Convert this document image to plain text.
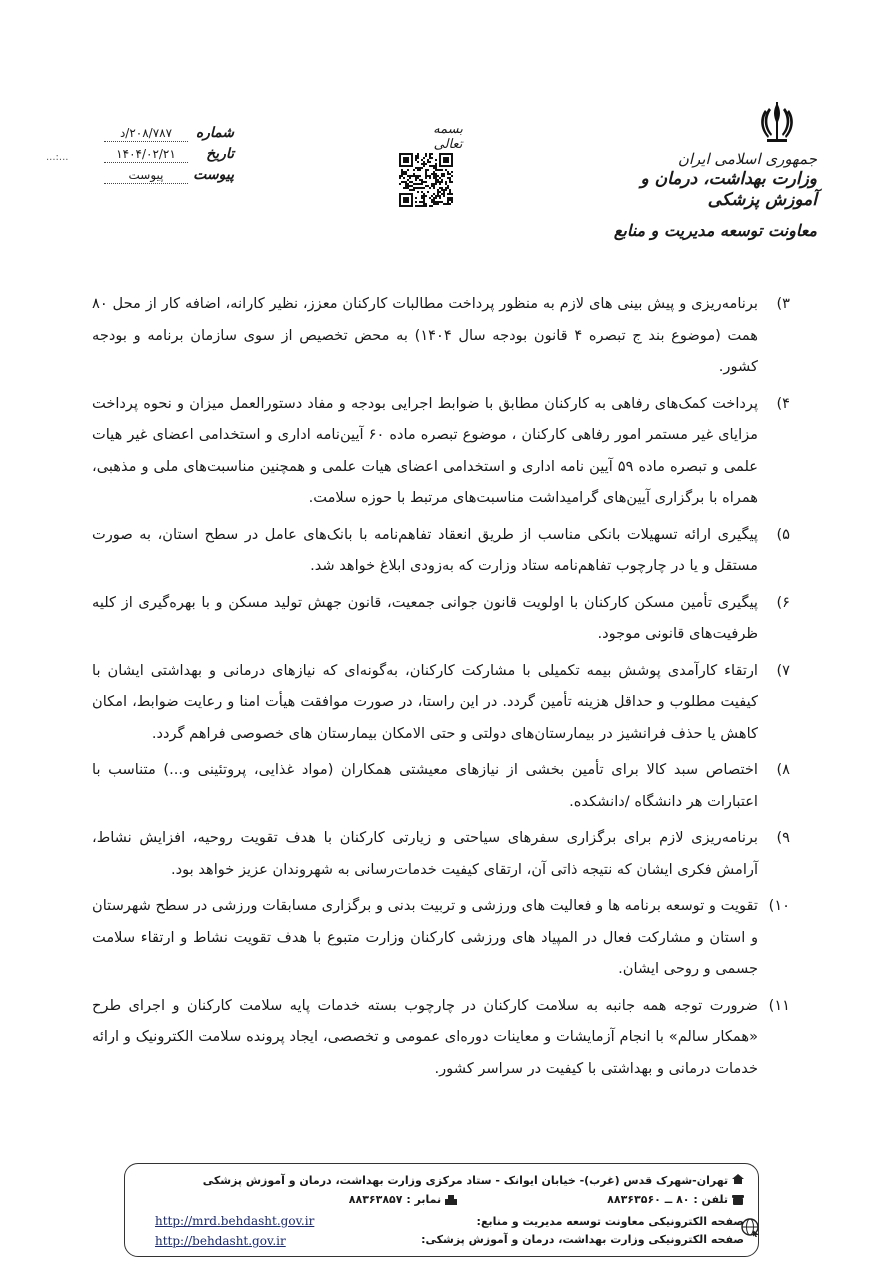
جمهوری اسلامی ایران
وزارت بهداشت، درمان و آموزش پزشکی
معاونت توسعه مدیریت و منابع
بسمه تعالی
شماره
۲۰۸/۷۸۷/د
تاریخ
۱۴۰۴/۰۲/۲۱
پیوست
پیوست
...:...
۳)
برنامه‌ریزی و پیش بینی های لازم به منظور پرداخت مطالبات کارکنان معزز، نظیر کارانه، اضافه کار از محل ۸۰ همت (موضوع بند ج تبصره ۴ قانون بودجه سال ۱۴۰۴) به محض تخصیص از سوی سازمان برنامه و بودجه کشور.
۴)
پرداخت کمک‌های رفاهی به کارکنان مطابق با ضوابط اجرایی بودجه و مفاد دستورالعمل میزان و نحوه پرداخت مزایای غیر مستمر امور رفاهی کارکنان ، موضوع تبصره ماده ۶۰ آیین‌نامه اداری و استخدامی اعضای غیر هیات علمی و تبصره ماده ۵۹ آیین نامه اداری و استخدامی اعضای هیات علمی و همچنین مناسبت‌های ملی و مذهبی، همراه با برگزاری آیین‌های گرامیداشت مناسبت‌های مرتبط با حوزه سلامت.
۵)
پیگیری ارائه تسهیلات بانکی مناسب از طریق انعقاد تفاهم‌نامه با بانک‌های عامل در سطح استان، به صورت مستقل و یا در چارچوب تفاهم‌نامه ستاد وزارت که به‌زودی ابلاغ خواهد شد.
۶)
پیگیری تأمین مسکن کارکنان با اولویت قانون جوانی جمعیت، قانون جهش تولید مسکن و با بهره‌گیری از کلیه ظرفیت‌های قانونی موجود.
۷)
ارتقاء کارآمدی پوشش بیمه تکمیلی با مشارکت کارکنان، به‌گونه‌ای که نیازهای درمانی و بهداشتی ایشان با کیفیت مطلوب و حداقل هزینه تأمین گردد. در این راستا، در صورت موافقت هیأت امنا و رعایت ضوابط، امکان کاهش یا حذف فرانشیز در بیمارستان‌های دولتی و حتی الامکان بیمارستان های خصوصی فراهم گردد.
۸)
اختصاص سبد کالا برای تأمین بخشی از نیازهای معیشتی همکاران (مواد غذایی، پروتئینی و...) متناسب با اعتبارات هر دانشگاه /دانشکده.
۹)
برنامه‌ریزی لازم برای برگزاری سفرهای سیاحتی و زیارتی کارکنان با هدف تقویت روحیه، افزایش نشاط، آرامش فکری ایشان که نتیجه ذاتی آن، ارتقای کیفیت خدمات‌رسانی به شهروندان عزیز خواهد بود.
۱۰)
تقویت و توسعه برنامه ها و فعالیت های ورزشی و تربیت بدنی و برگزاری مسابقات ورزشی در سطح شهرستان و استان و مشارکت فعال در المپیاد های ورزشی کارکنان وزارت متبوع با هدف تقویت نشاط و ارتقاء سلامت جسمی و روحی ایشان.
۱۱)
ضرورت توجه همه جانبه به سلامت کارکنان در چارچوب بسته خدمات پایه سلامت کارکنان و اجرای طرح «همکار سالم» با انجام آزمایشات و معاینات دوره‌ای عمومی و تخصصی، ایجاد پرونده سلامت الکترونیک و ارائه خدمات درمانی و بهداشتی با کیفیت در سراسر کشور.
تهران-شهرک قدس (غرب)- خیابان ایوانک - ستاد مرکزی وزارت بهداشت، درمان و آموزش پزشکی
تلفن : ۸۰ ــ ۸۸۳۶۳۵۶۰
نمابر : ۸۸۳۶۳۸۵۷
صفحه الکترونیکی معاونت توسعه مدیریت و منابع:
صفحه الکترونیکی وزارت بهداشت، درمان و آموزش پزشکی:
http://mrd.behdasht.gov.ir
http://behdasht.gov.ir
